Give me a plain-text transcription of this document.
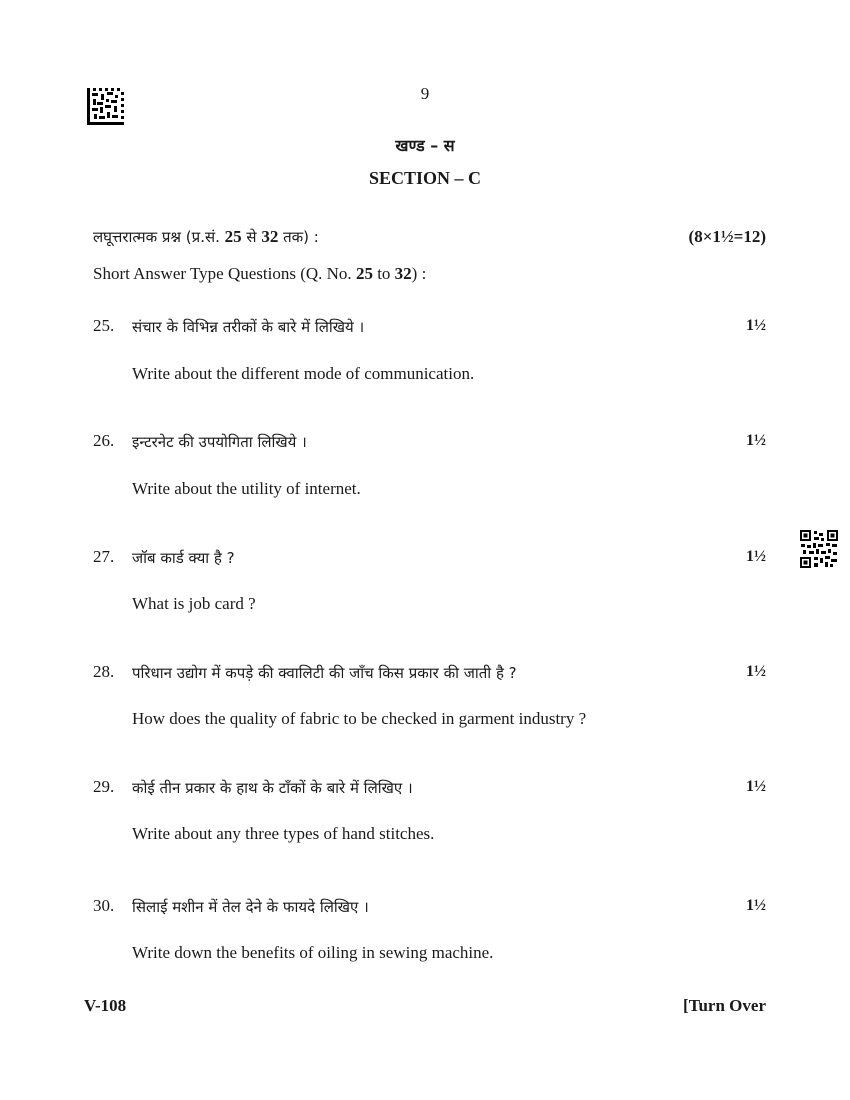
9
खण्ड – स
SECTION – C
लघूत्तरात्मक प्रश्न (प्र.सं. 25 से 32 तक) :	(8×1½=12)
Short Answer Type Questions (Q. No. 25 to 32) :
25. संचार के विभिन्न तरीकों के बारे में लिखिये ।	1½
Write about the different mode of communication.
26. इन्टरनेट की उपयोगिता लिखिये ।	1½
Write about the utility of internet.
27. जॉब कार्ड क्या है ?	1½
What is job card ?
28. परिधान उद्योग में कपड़े की क्वालिटी की जाँच किस प्रकार की जाती है ?	1½
How does the quality of fabric to be checked in garment industry ?
29. कोई तीन प्रकार के हाथ के टाँकों के बारे में लिखिए ।	1½
Write about any three types of hand stitches.
30. सिलाई मशीन में तेल देने के फायदे लिखिए ।	1½
Write down the benefits of oiling in sewing machine.
V-108	[Turn Over
